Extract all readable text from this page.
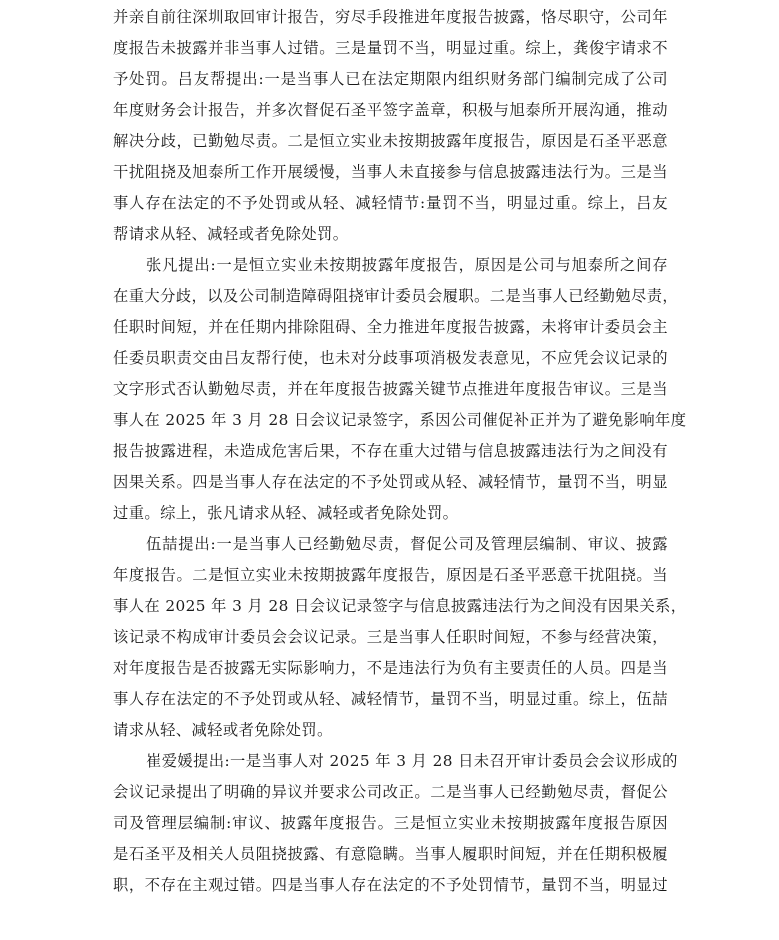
并亲自前往深圳取回审计报告，穷尽手段推进年度报告披露，恪尽职守，公司年
度报告未披露并非当事人过错。三是量罚不当，明显过重。综上，龚俊宇请求不
予处罚。吕友帮提出:一是当事人已在法定期限内组织财务部门编制完成了公司
年度财务会计报告，并多次督促石圣平签字盖章，积极与旭泰所开展沟通，推动
解决分歧，已勤勉尽责。二是恒立实业未按期披露年度报告，原因是石圣平恶意
干扰阻挠及旭泰所工作开展缓慢，当事人未直接参与信息披露违法行为。三是当
事人存在法定的不予处罚或从轻、减轻情节:量罚不当，明显过重。综上，吕友
帮请求从轻、减轻或者免除处罚。

张凡提出:一是恒立实业未按期披露年度报告，原因是公司与旭泰所之间存
在重大分歧，以及公司制造障碍阻挠审计委员会履职。二是当事人已经勤勉尽责，
任职时间短，并在任期内排除阻碍、全力推进年度报告披露，未将审计委员会主
任委员职责交由吕友帮行使，也未对分歧事项消极发表意见，不应凭会议记录的
文字形式否认勤勉尽责，并在年度报告披露关键节点推进年度报告审议。三是当
事人在 2025 年 3 月 28 日会议记录签字，系因公司催促补正并为了避免影响年度
报告披露进程，未造成危害后果，不存在重大过错与信息披露违法行为之间没有
因果关系。四是当事人存在法定的不予处罚或从轻、减轻情节，量罚不当，明显
过重。综上，张凡请求从轻、减轻或者免除处罚。

伍喆提出:一是当事人已经勤勉尽责，督促公司及管理层编制、审议、披露
年度报告。二是恒立实业未按期披露年度报告，原因是石圣平恶意干扰阻挠。当
事人在 2025 年 3 月 28 日会议记录签字与信息披露违法行为之间没有因果关系，
该记录不构成审计委员会会议记录。三是当事人任职时间短，不参与经营决策，
对年度报告是否披露无实际影响力，不是违法行为负有主要责任的人员。四是当
事人存在法定的不予处罚或从轻、减轻情节，量罚不当，明显过重。综上，伍喆
请求从轻、减轻或者免除处罚。

崔爱媛提出:一是当事人对 2025 年 3 月 28 日未召开审计委员会会议形成的
会议记录提出了明确的异议并要求公司改正。二是当事人已经勤勉尽责，督促公
司及管理层编制:审议、披露年度报告。三是恒立实业未按期披露年度报告原因
是石圣平及相关人员阻挠披露、有意隐瞒。当事人履职时间短，并在任期积极履
职，不存在主观过错。四是当事人存在法定的不予处罚情节，量罚不当，明显过
